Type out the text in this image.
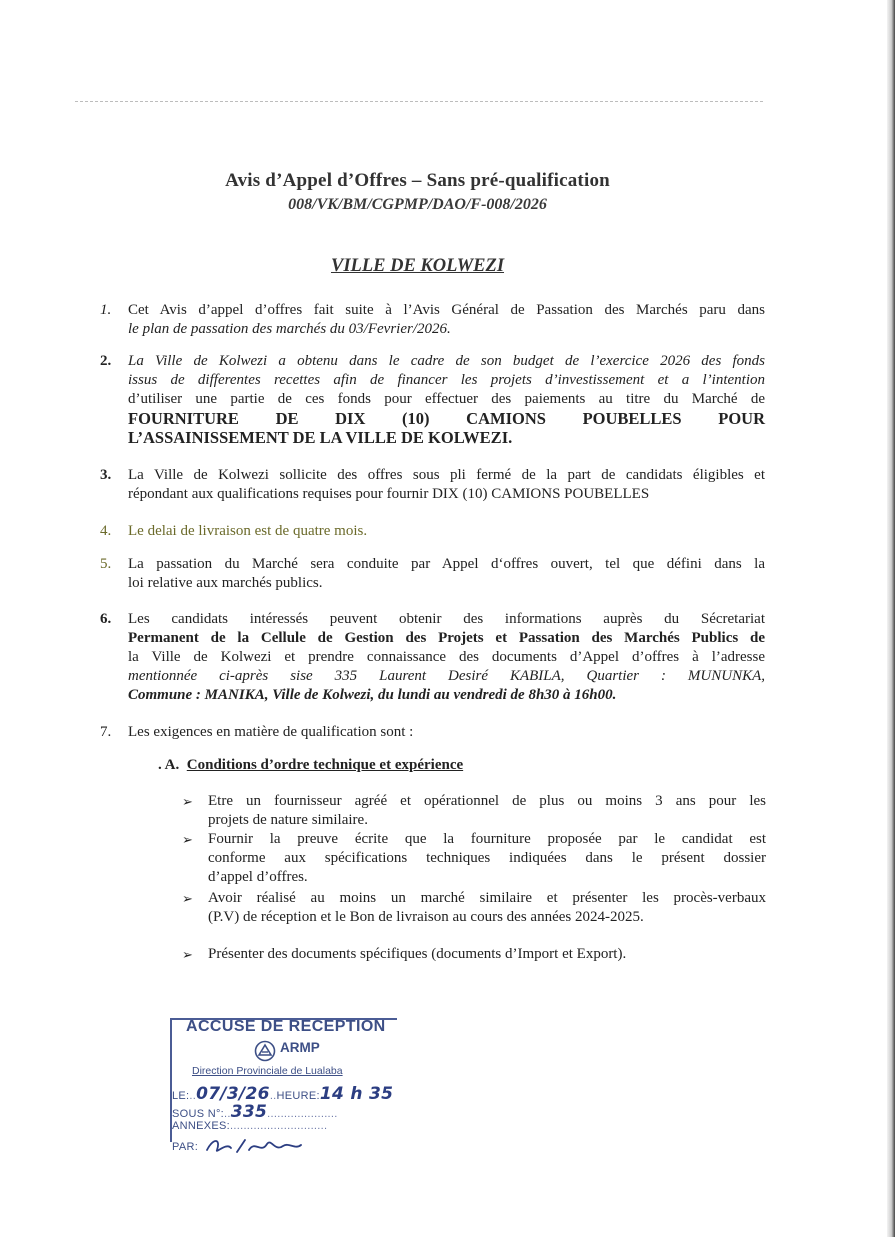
Avis d’Appel d’Offres – Sans pré-qualification
008/VK/BM/CGPMP/DAO/F-008/2026
VILLE DE KOLWEZI
1.	Cet Avis d’appel d’offres fait suite à l’Avis Général de Passation des Marchés paru dans
le plan de passation des marchés du 03/Fevrier/2026.
2.	La Ville de Kolwezi a obtenu dans le cadre de son budget de l’exercice 2026 des fonds
issus de differentes recettes afin de financer les projets d’investissement et a l’intention
d’utiliser une partie de ces fonds pour effectuer des paiements au titre du Marché de
FOURNITURE DE DIX (10) CAMIONS POUBELLES POUR
L’ASSAINISSEMENT DE LA VILLE DE KOLWEZI.
3.	La Ville de Kolwezi sollicite des offres sous pli fermé de la part de candidats éligibles et
répondant aux qualifications requises pour fournir DIX (10) CAMIONS POUBELLES
4.	Le delai de livraison est de quatre mois.
5.	La passation du Marché sera conduite par Appel d‘offres ouvert, tel que défini dans la
loi relative aux marchés publics.
6.	Les candidats intéressés peuvent obtenir des informations auprès du Sécretariat
Permanent de la Cellule de Gestion des Projets et Passation des Marchés Publics de
la Ville de Kolwezi et prendre connaissance des documents d’Appel d’offres à l’adresse
mentionnée ci-après sise 335 Laurent Desiré KABILA, Quartier : MUNUNKA,
Commune : MANIKA, Ville de Kolwezi, du lundi au vendredi de 8h30 à 16h00.
7.	Les exigences en matière de qualification sont :
. A. Conditions d’ordre technique et expérience
➢	Etre un fournisseur agréé et opérationnel de plus ou moins 3 ans pour les
projets de nature similaire.
➢	Fournir la preuve écrite que la fourniture proposée par le candidat est
conforme aux spécifications techniques indiquées dans le présent dossier
d’appel d’offres.
➢	Avoir réalisé au moins un marché similaire et présenter les procès-verbaux
(P.V) de réception et le Bon de livraison au cours des années 2024-2025.
➢	Présenter des documents spécifiques (documents d’Import et Export).
ACCUSE DE RECEPTION
ARMP
Direction Provinciale de Lualaba
LE:..07/3/26..HEURE:14 h 35
SOUS N°:..335.....................
ANNEXES:.............................
PAR:
